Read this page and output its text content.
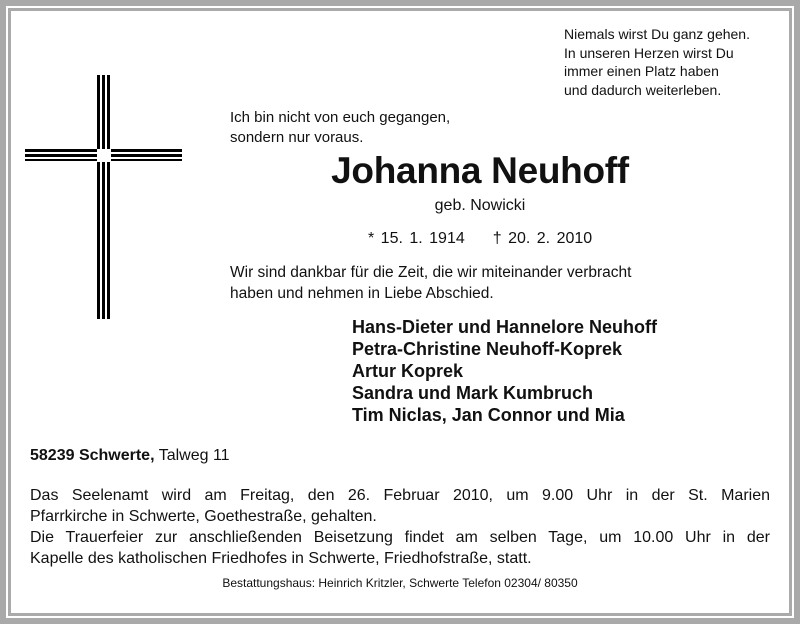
Niemals wirst Du ganz gehen.
In unseren Herzen wirst Du
immer einen Platz haben
und dadurch weiterleben.
Ich bin nicht von euch gegangen,
sondern nur voraus.
Johanna Neuhoff
geb. Nowicki
* 15. 1. 1914 † 20. 2. 2010
Wir sind dankbar für die Zeit, die wir miteinander verbracht
haben und nehmen in Liebe Abschied.
Hans-Dieter und Hannelore Neuhoff
Petra-Christine Neuhoff-Koprek
Artur Koprek
Sandra und Mark Kumbruch
Tim Niclas, Jan Connor und Mia
58239 Schwerte, Talweg 11
Das Seelenamt wird am Freitag, den 26. Februar 2010, um 9.00 Uhr in der St. Marien
Pfarrkirche in Schwerte, Goethestraße, gehalten.
Die Trauerfeier zur anschließenden Beisetzung findet am selben Tage, um 10.00 Uhr in der
Kapelle des katholischen Friedhofes in Schwerte, Friedhofstraße, statt.
Bestattungshaus: Heinrich Kritzler, Schwerte Telefon 02304/ 80350
